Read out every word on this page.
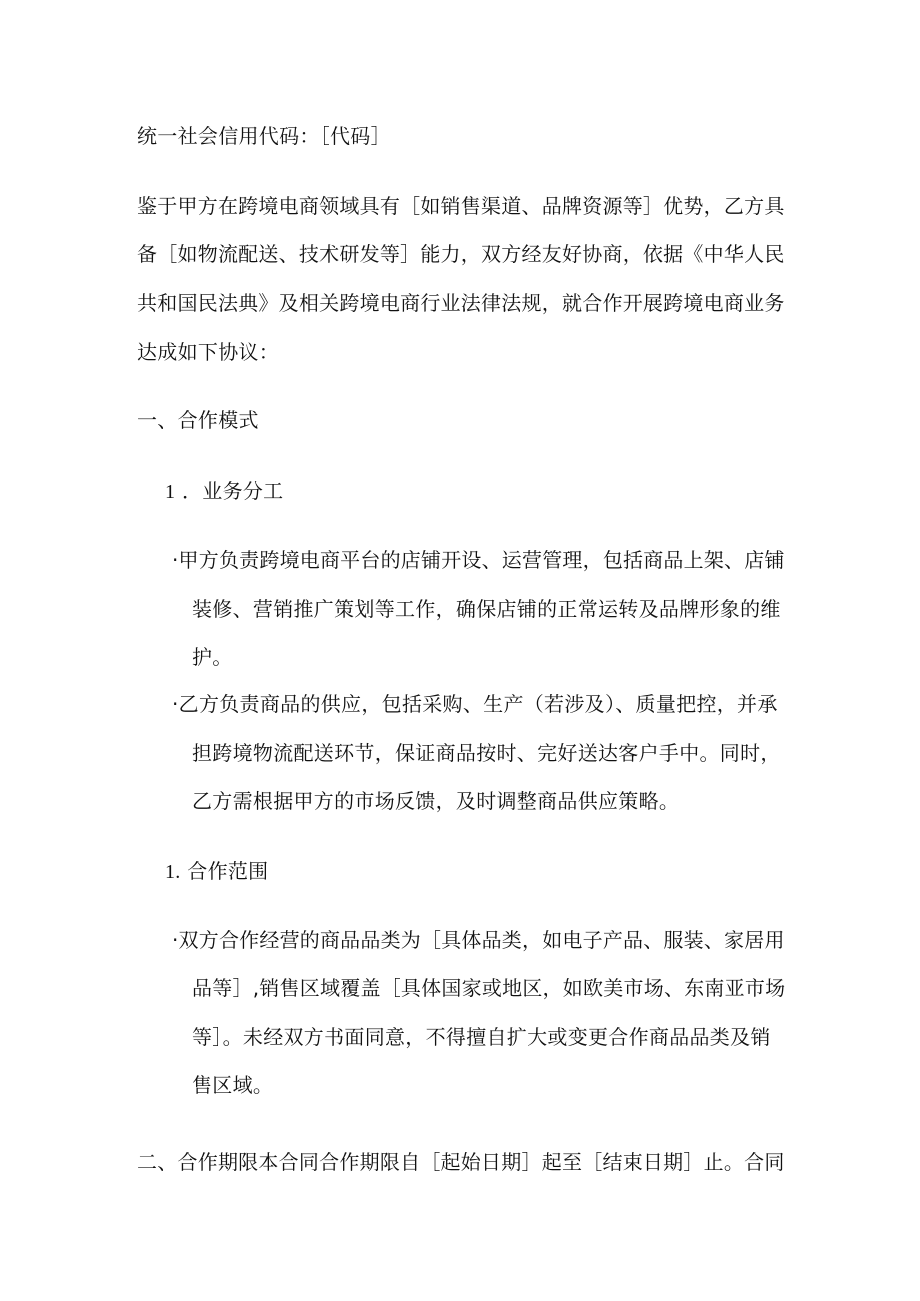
统一社会信用代码：［代码］
鉴于甲方在跨境电商领域具有［如销售渠道、品牌资源等］优势，乙方具
备［如物流配送、技术研发等］能力，双方经友好协商，依据《中华人民
共和国民法典》及相关跨境电商行业法律法规，就合作开展跨境电商业务
达成如下协议：
一、合作模式
1 ．业务分工
·甲方负责跨境电商平台的店铺开设、运营管理，包括商品上架、店铺
装修、营销推广策划等工作，确保店铺的正常运转及品牌形象的维
护。
·乙方负责商品的供应，包括采购、生产（若涉及）、质量把控，并承
担跨境物流配送环节，保证商品按时、完好送达客户手中。同时，
乙方需根据甲方的市场反馈，及时调整商品供应策略。
1. 合作范围
·双方合作经营的商品品类为［具体品类，如电子产品、服装、家居用
品等］,销售区域覆盖［具体国家或地区，如欧美市场、东南亚市场
等］。未经双方书面同意，不得擅自扩大或变更合作商品品类及销
售区域。
二、合作期限本合同合作期限自［起始日期］起至［结束日期］止。合同
